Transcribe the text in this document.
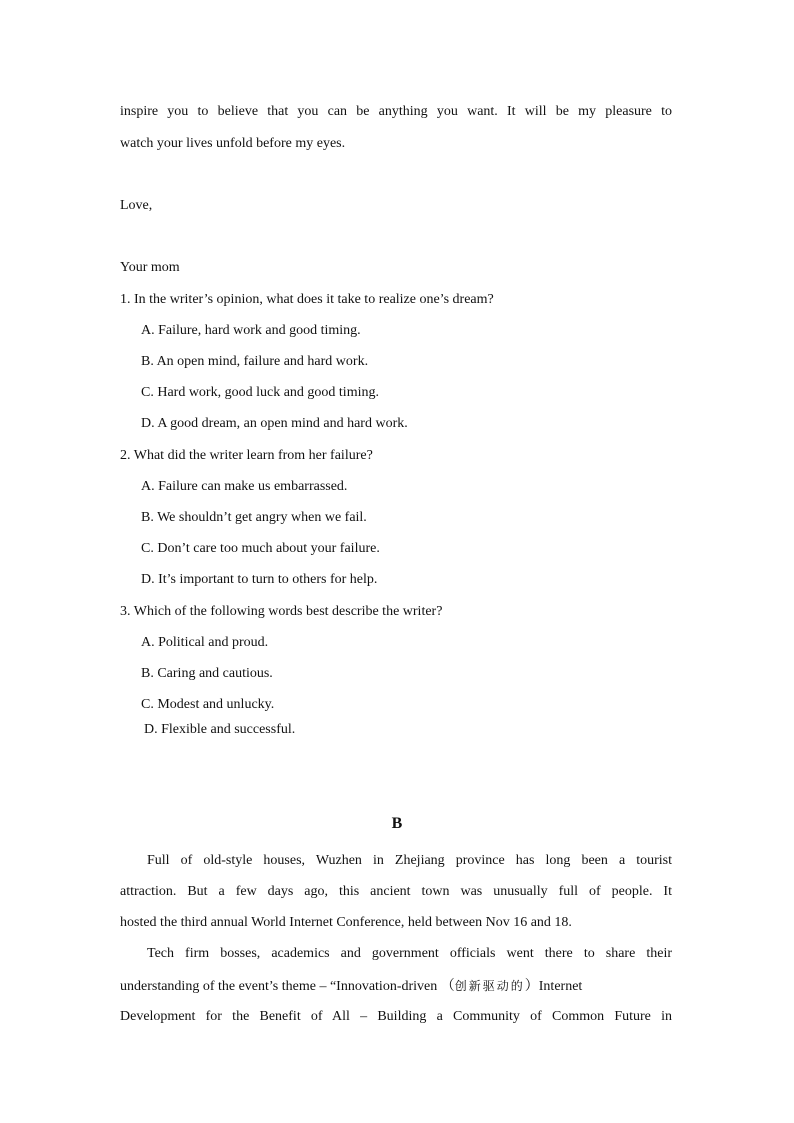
inspire you to believe that you can be anything you want. It will be my pleasure to
watch your lives unfold before my eyes.
Love,
Your mom
1. In the writer’s opinion, what does it take to realize one’s dream?
A. Failure, hard work and good timing.
B. An open mind, failure and hard work.
C. Hard work, good luck and good timing.
D. A good dream, an open mind and hard work.
2. What did the writer learn from her failure?
A. Failure can make us embarrassed.
B. We shouldn’t get angry when we fail.
C. Don’t care too much about your failure.
D. It’s important to turn to others for help.
3. Which of the following words best describe the writer?
A. Political and proud.
B. Caring and cautious.
C. Modest and unlucky.
D. Flexible and successful.
B
Full of old-style houses, Wuzhen in Zhejiang province has long been a tourist
attraction. But a few days ago, this ancient town was unusually full of people. It
hosted the third annual World Internet Conference, held between Nov 16 and 18.
Tech firm bosses, academics and government officials went there to share their
understanding of the event’s theme – “Innovation-driven （创新驱动的）Internet
Development for the Benefit of All – Building a Community of Common Future in
